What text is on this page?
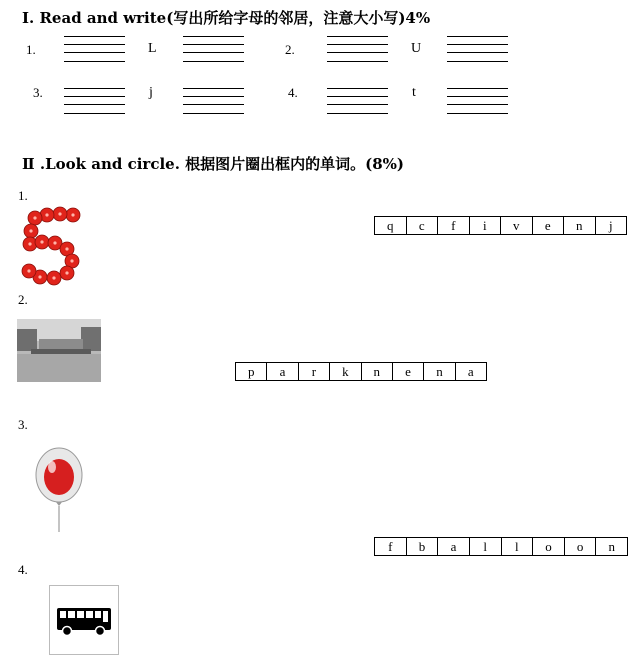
Ⅰ. Read and write(写出所给字母的邻居，注意大小写)4%
1.	L	2.	U
3.	j	4.	t
Ⅱ .Look and circle. 根据图片圈出框内的单词。(8%)
1.
q	c	f	i	v	e	n	j
2.
p	a	r	k	n	e	n	a
3.
f	b	a	l	l	o	o	n
4.
